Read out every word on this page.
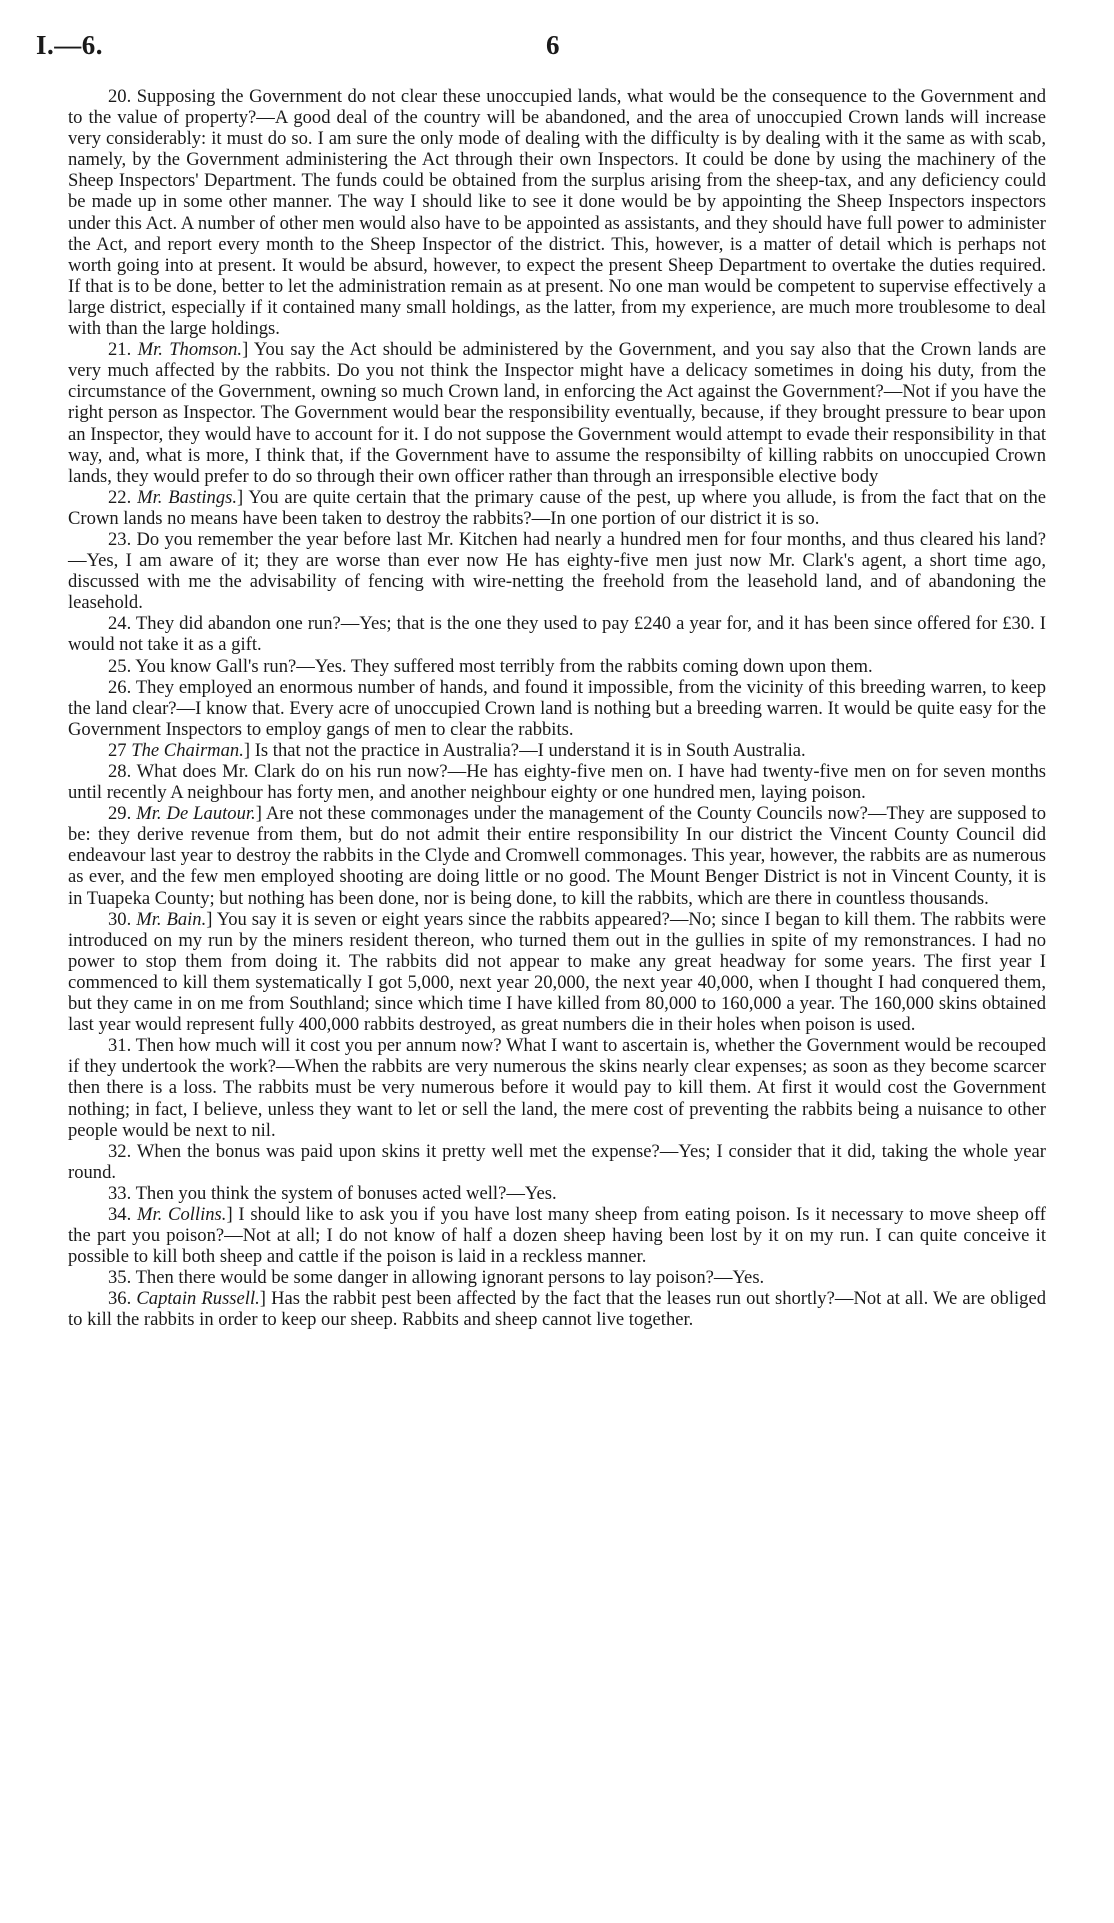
I.—6.	6

20. Supposing the Government do not clear these unoccupied lands, what would be the consequence to the Government and to the value of property?—A good deal of the country will be abandoned, and the area of unoccupied Crown lands will increase very considerably: it must do so. I am sure the only mode of dealing with the difficulty is by dealing with it the same as with scab, namely, by the Government administering the Act through their own Inspectors. It could be done by using the machinery of the Sheep Inspectors' Department. The funds could be obtained from the surplus arising from the sheep-tax, and any deficiency could be made up in some other manner. The way I should like to see it done would be by appointing the Sheep Inspectors inspectors under this Act. A number of other men would also have to be appointed as assistants, and they should have full power to administer the Act, and report every month to the Sheep Inspector of the district. This, however, is a matter of detail which is perhaps not worth going into at present. It would be absurd, however, to expect the present Sheep Department to overtake the duties required. If that is to be done, better to let the administration remain as at present. No one man would be competent to supervise effectively a large district, especially if it contained many small holdings, as the latter, from my experience, are much more troublesome to deal with than the large holdings.

21. Mr. Thomson.] You say the Act should be administered by the Government, and you say also that the Crown lands are very much affected by the rabbits. Do you not think the Inspector might have a delicacy sometimes in doing his duty, from the circumstance of the Government, owning so much Crown land, in enforcing the Act against the Government?—Not if you have the right person as Inspector. The Government would bear the responsibility eventually, because, if they brought pressure to bear upon an Inspector, they would have to account for it. I do not suppose the Government would attempt to evade their responsibility in that way, and, what is more, I think that, if the Government have to assume the responsibilty of killing rabbits on unoccupied Crown lands, they would prefer to do so through their own officer rather than through an irresponsible elective body

22. Mr. Bastings.] You are quite certain that the primary cause of the pest, up where you allude, is from the fact that on the Crown lands no means have been taken to destroy the rabbits?—In one portion of our district it is so.

23. Do you remember the year before last Mr. Kitchen had nearly a hundred men for four months, and thus cleared his land?—Yes, I am aware of it; they are worse than ever now He has eighty-five men just now Mr. Clark's agent, a short time ago, discussed with me the advisability of fencing with wire-netting the freehold from the leasehold land, and of abandoning the leasehold.

24. They did abandon one run?—Yes; that is the one they used to pay £240 a year for, and it has been since offered for £30. I would not take it as a gift.

25. You know Gall's run?—Yes. They suffered most terribly from the rabbits coming down upon them.

26. They employed an enormous number of hands, and found it impossible, from the vicinity of this breeding warren, to keep the land clear?—I know that. Every acre of unoccupied Crown land is nothing but a breeding warren. It would be quite easy for the Government Inspectors to employ gangs of men to clear the rabbits.

27 The Chairman.] Is that not the practice in Australia?—I understand it is in South Australia.

28. What does Mr. Clark do on his run now?—He has eighty-five men on. I have had twenty-five men on for seven months until recently A neighbour has forty men, and another neighbour eighty or one hundred men, laying poison.

29. Mr. De Lautour.] Are not these commonages under the management of the County Councils now?—They are supposed to be: they derive revenue from them, but do not admit their entire responsibility In our district the Vincent County Council did endeavour last year to destroy the rabbits in the Clyde and Cromwell commonages. This year, however, the rabbits are as numerous as ever, and the few men employed shooting are doing little or no good. The Mount Benger District is not in Vincent County, it is in Tuapeka County; but nothing has been done, nor is being done, to kill the rabbits, which are there in countless thousands.

30. Mr. Bain.] You say it is seven or eight years since the rabbits appeared?—No; since I began to kill them. The rabbits were introduced on my run by the miners resident thereon, who turned them out in the gullies in spite of my remonstrances. I had no power to stop them from doing it. The rabbits did not appear to make any great headway for some years. The first year I commenced to kill them systematically I got 5,000, next year 20,000, the next year 40,000, when I thought I had conquered them, but they came in on me from Southland; since which time I have killed from 80,000 to 160,000 a year. The 160,000 skins obtained last year would represent fully 400,000 rabbits destroyed, as great numbers die in their holes when poison is used.

31. Then how much will it cost you per annum now? What I want to ascertain is, whether the Government would be recouped if they undertook the work?—When the rabbits are very numerous the skins nearly clear expenses; as soon as they become scarcer then there is a loss. The rabbits must be very numerous before it would pay to kill them. At first it would cost the Government nothing; in fact, I believe, unless they want to let or sell the land, the mere cost of preventing the rabbits being a nuisance to other people would be next to nil.

32. When the bonus was paid upon skins it pretty well met the expense?—Yes; I consider that it did, taking the whole year round.

33. Then you think the system of bonuses acted well?—Yes.

34. Mr. Collins.] I should like to ask you if you have lost many sheep from eating poison. Is it necessary to move sheep off the part you poison?—Not at all; I do not know of half a dozen sheep having been lost by it on my run. I can quite conceive it possible to kill both sheep and cattle if the poison is laid in a reckless manner.

35. Then there would be some danger in allowing ignorant persons to lay poison?—Yes.

36. Captain Russell.] Has the rabbit pest been affected by the fact that the leases run out shortly?—Not at all. We are obliged to kill the rabbits in order to keep our sheep. Rabbits and sheep cannot live together.
